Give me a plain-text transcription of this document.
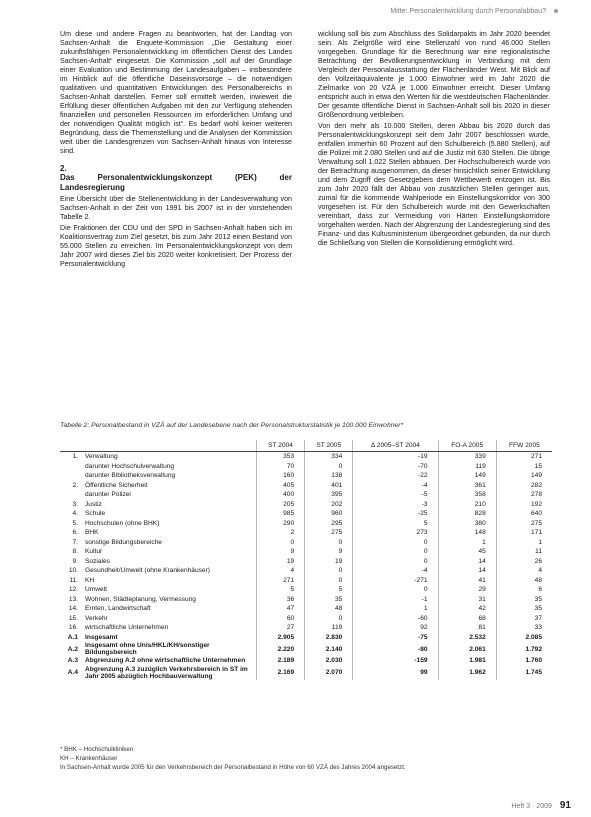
Mitte: Personalentwicklung durch Personalabbau?

Um diese und andere Fragen zu beantworten, hat der Landtag von Sachsen-Anhalt die Enquete-Kommission „Die Gestaltung einer zukunftsfähigen Personalentwicklung im öffentlichen Dienst des Landes Sachsen-Anhalt“ eingesetzt. Die Kommission „soll auf der Grundlage einer Evaluation und Bestimmung der Landesaufgaben – insbesondere im Hinblick auf die öffentliche Daseinsvorsorge – die notwendigen qualitativen und quantitativen Entwicklungen des Personalbereichs in Sachsen-Anhalt darstellen. Ferner soll ermittelt werden, inwieweit die Erfüllung dieser öffentlichen Aufgaben mit den zur Verfügung stehenden finanziellen und personellen Ressourcen im erforderlichen Umfang und der notwendigen Qualität möglich ist“. Es bedarf wohl keiner weiteren Begründung, dass die Themenstellung und die Analysen der Kommission weit über die Landesgrenzen von Sachsen-Anhalt hinaus von Interesse sind.

2.
Das Personalentwicklungskonzept (PEK) der Landesregierung

Eine Übersicht über die Stellenentwicklung in der Landesverwaltung von Sachsen-Anhalt in der Zeit von 1991 bis 2007 ist in der vorstehenden Tabelle 2.

Die Fraktionen der CDU und der SPD in Sachsen-Anhalt haben sich im Koalitionsvertrag zum Ziel gesetzt, bis zum Jahr 2012 einen Bestand von 55.000 Stellen zu erreichen. Im Personalentwicklungskonzept von dem Jahr 2007 wird dieses Ziel bis 2020 weiter konkretisiert. Der Prozess der Personalentwicklung

wicklung soll bis zum Abschluss des Solidarpakts im Jahr 2020 beendet sein. Als Zielgröße wird eine Stellenzahl von rund 46.000 Stellen vorgegeben. Grundlage für die Berechnung war eine regionalistische Betrachtung der Bevölkerungsentwicklung in Verbindung mit dem Vergleich der Personalausstattung der Flächenländer West. Mit Blick auf den Vollzeitäquivalente je 1.000 Einwohner wird im Jahr 2020 die Zielmarke von 20 VZÄ je 1.000 Einwohner erreicht. Dieser Umfang entspricht auch in etwa den Werten für die westdeutschen Flächenländer. Der gesamte öffentliche Dienst in Sachsen-Anhalt soll bis 2020 in dieser Größenordnung verbleiben.

Von den mehr als 10.000 Stellen, deren Abbau bis 2020 durch das Personalentwicklungskonzept seit dem Jahr 2007 beschlossen wurde, entfallen immerhin 60 Prozent auf den Schulbereich (5.880 Stellen), auf die Polizei mit 2.080 Stellen und auf die Justiz mit 630 Stellen. Die übrige Verwaltung soll 1.022 Stellen abbauen. Der Hochschulbereich wurde von der Betrachtung ausgenommen, da dieser hinsichtlich seiner Entwicklung und dem Zugriff des Gesetzgebers dem Wettbewerb entzogen ist. Bis zum Jahr 2020 fällt der Abbau von zusätzlichen Stellen geringer aus, zumal für die kommende Wahlperiode ein Einstellungskorridor von 300 vorgesehen ist. Für den Schulbereich wurde mit den Gewerkschaften vereinbart, dass zur Vermeidung von Härten Einstellungskorridore vorgehalten werden. Nach der Abgrenzung der Landesregierung sind des Finanz- und das Kultusministerium übergeordnet gebunden, da nur durch die Schließung von Stellen die Konsolidierung ermöglicht wird.

Tabelle 2: Personalbestand in VZÄ auf der Landesebene nach der Personalstrukturstatistik je 100.000 Einwohner*
		ST 2004	ST 2005	Δ 2005–ST 2004	FO-A 2005	FFW 2005
1.	Verwaltung	353	334	-19	339	271
	darunter Hochschulverwaltung	70	0	-70	119	15
	darunter Bibliotheksverwaltung	160	138	-22	149	149
2.	Öffentliche Sicherheit	405	401	-4	361	282
	darunter Polizei	400	395	-5	358	278
3.	Justiz	205	202	-3	210	192
4.	Schule	985	960	-25	828	640
5.	Hochschulen (ohne BHK)	290	295	5	380	275
6.	BHK	2	275	273	148	171
7.	sonstige Bildungsbereiche	0	0	0	1	1
8.	Kultur	9	9	0	45	11
9.	Soziales	19	19	0	14	26
10.	Gesundheit/Umwelt (ohne Krankenhäuser)	4	0	-4	14	4
11.	KH	271	0	-271	41	48
12.	Umwelt	5	5	0	29	6
13.	Wohnen, Städteplanung, Vermessung	36	35	-1	31	35
14.	Ernten, Landwirtschaft	47	48	1	42	35
15.	Verkehr	60	0	-60	68	37
16.	wirtschaftliche Unternehmen	27	119	92	81	33
A.1	Insgesamt	2.905	2.830	-75	2.532	2.085
A.2	Insgesamt ohne Unis/HKL/KH/sonstiger Bildungsbereich	2.220	2.140	-80	2.061	1.792
A.3	Abgrenzung A.2 ohne wirtschaftliche Unternehmen	2.189	2.030	-159	1.981	1.760
A.4	Abgrenzung A.3 zuzüglich Verkehrsbereich in ST im Jahr 2005 abzüglich Hochbauverwaltung	2.169	2.070	99	1.962	1.745
* BHK – Hochschulkliniken
KH – Krankenhäuser
In Sachsen-Anhalt wurde 2005 für den Verkehrsbereich der Personalbestand in Höhe von 60 VZÄ des Jahres 2004 angesetzt.
Heft 3 · 2009 91
